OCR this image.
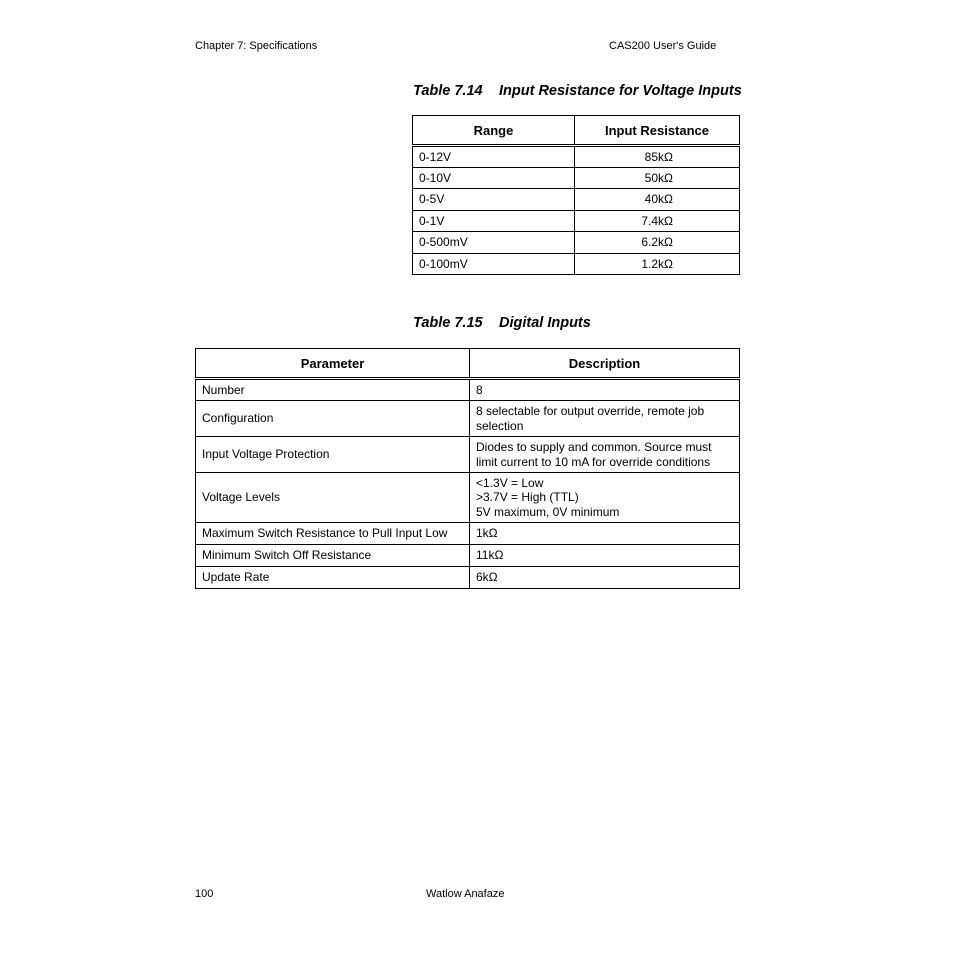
Chapter 7: Specifications	CAS200 User's Guide
Table 7.14 Input Resistance for Voltage Inputs
Range	Input Resistance
0-12V	85kΩ
0-10V	50kΩ
0-5V	40kΩ
0-1V	7.4kΩ
0-500mV	6.2kΩ
0-100mV	1.2kΩ
Table 7.15 Digital Inputs
Parameter	Description
Number	8
Configuration	8 selectable for output override, remote job selection
Input Voltage Protection	Diodes to supply and common. Source must limit current to 10 mA for override conditions
Voltage Levels	<1.3V = Low
>3.7V = High (TTL)
5V maximum, 0V minimum
Maximum Switch Resistance to Pull Input Low	1kΩ
Minimum Switch Off Resistance	11kΩ
Update Rate	6kΩ
100	Watlow Anafaze
